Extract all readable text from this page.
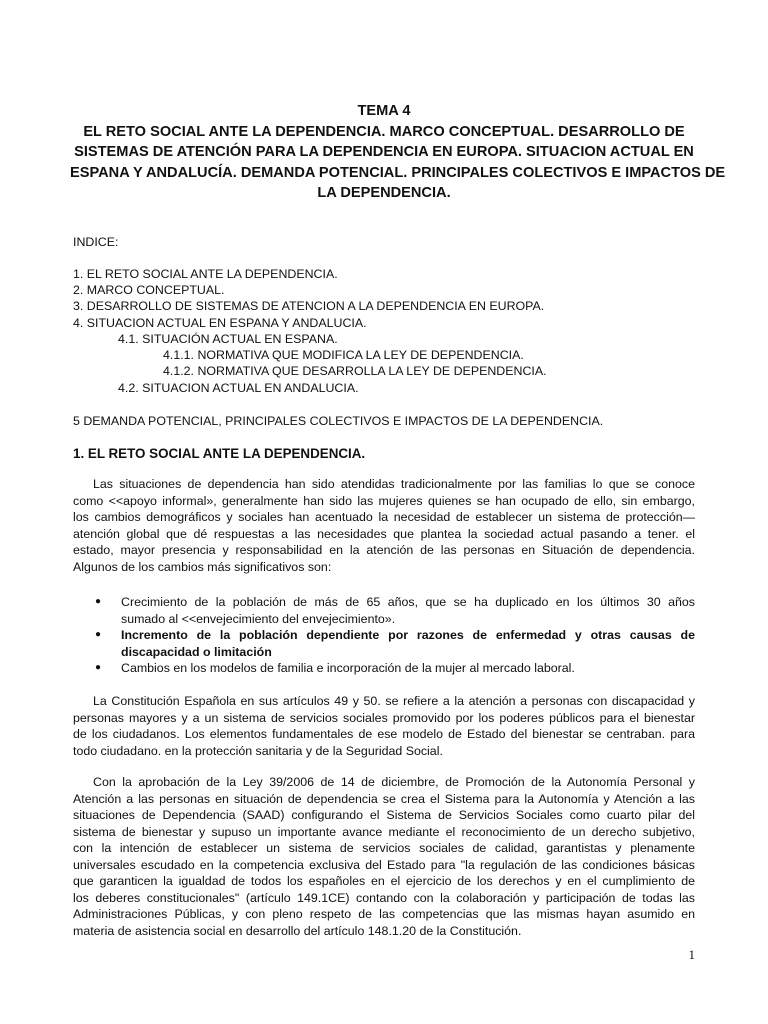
TEMA 4
EL RETO SOCIAL ANTE LA DEPENDENCIA. MARCO CONCEPTUAL. DESARROLLO DE
SISTEMAS DE ATENCIÓN PARA LA DEPENDENCIA EN EUROPA. SITUACION ACTUAL EN
ESPANA Y ANDALUCÍA. DEMANDA POTENCIAL. PRINCIPALES COLECTIVOS E IMPACTOS DE
LA DEPENDENCIA.
INDICE:
1. EL RETO SOCIAL ANTE LA DEPENDENCIA.
2. MARCO CONCEPTUAL.
3. DESARROLLO DE SISTEMAS DE ATENCION A LA DEPENDENCIA EN EUROPA.
4. SITUACION ACTUAL EN ESPANA Y ANDALUCIA.
4.1. SITUACIÓN ACTUAL EN ESPANA.
4.1.1. NORMATIVA QUE MODIFICA LA LEY DE DEPENDENCIA.
4.1.2. NORMATIVA QUE DESARROLLA LA LEY DE DEPENDENCIA.
4.2. SITUACION ACTUAL EN ANDALUCIA.
5 DEMANDA POTENCIAL, PRINCIPALES COLECTIVOS E IMPACTOS DE LA DEPENDENCIA.
1. EL RETO SOCIAL ANTE LA DEPENDENCIA.
Las situaciones de dependencia han sido atendidas tradicionalmente por las familias lo que se conoce
como <<apoyo informal», generalmente han sido las mujeres quienes se han ocupado de ello, sin embargo,
los cambios demográficos y sociales han acentuado la necesidad de establecer un sistema de protección—
atención global que dé respuestas a las necesidades que plantea la sociedad actual pasando a tener. el
estado, mayor presencia y responsabilidad en la atención de las personas en Situación de dependencia.
Algunos de los cambios más significativos son:
● Crecimiento de la población de más de 65 años, que se ha duplicado en los últimos 30 años
sumado al <<envejecimiento del envejecimiento».
● Incremento de la población dependiente por razones de enfermedad y otras causas de
discapacidad o limitación
● Cambios en los modelos de familia e incorporación de la mujer al mercado laboral.
La Constitución Española en sus artículos 49 y 50. se refiere a la atención a personas con discapacidad y
personas mayores y a un sistema de servicios sociales promovido por los poderes públicos para el bienestar
de los ciudadanos. Los elementos fundamentales de ese modelo de Estado del bienestar se centraban. para
todo ciudadano. en la protección sanitaria y de la Seguridad Social.
Con la aprobación de la Ley 39/2006 de 14 de diciembre, de Promoción de la Autonomía Personal y
Atención a las personas en situación de dependencia se crea el Sistema para la Autonomía y Atención a las
situaciones de Dependencia (SAAD) configurando el Sistema de Servicios Sociales como cuarto pilar del
sistema de bienestar y supuso un importante avance mediante el reconocimiento de un derecho subjetivo,
con la intención de establecer un sistema de servicios sociales de calidad, garantistas y plenamente
universales escudado en la competencia exclusiva del Estado para "la regulación de las condiciones básicas
que garanticen la igualdad de todos los españoles en el ejercicio de los derechos y en el cumplimiento de
los deberes constitucionales" (artículo 149.1CE) contando con la colaboración y participación de todas las
Administraciones Públicas, y con pleno respeto de las competencias que las mismas hayan asumido en
materia de asistencia social en desarrollo del artículo 148.1.20 de la Constitución.
1
